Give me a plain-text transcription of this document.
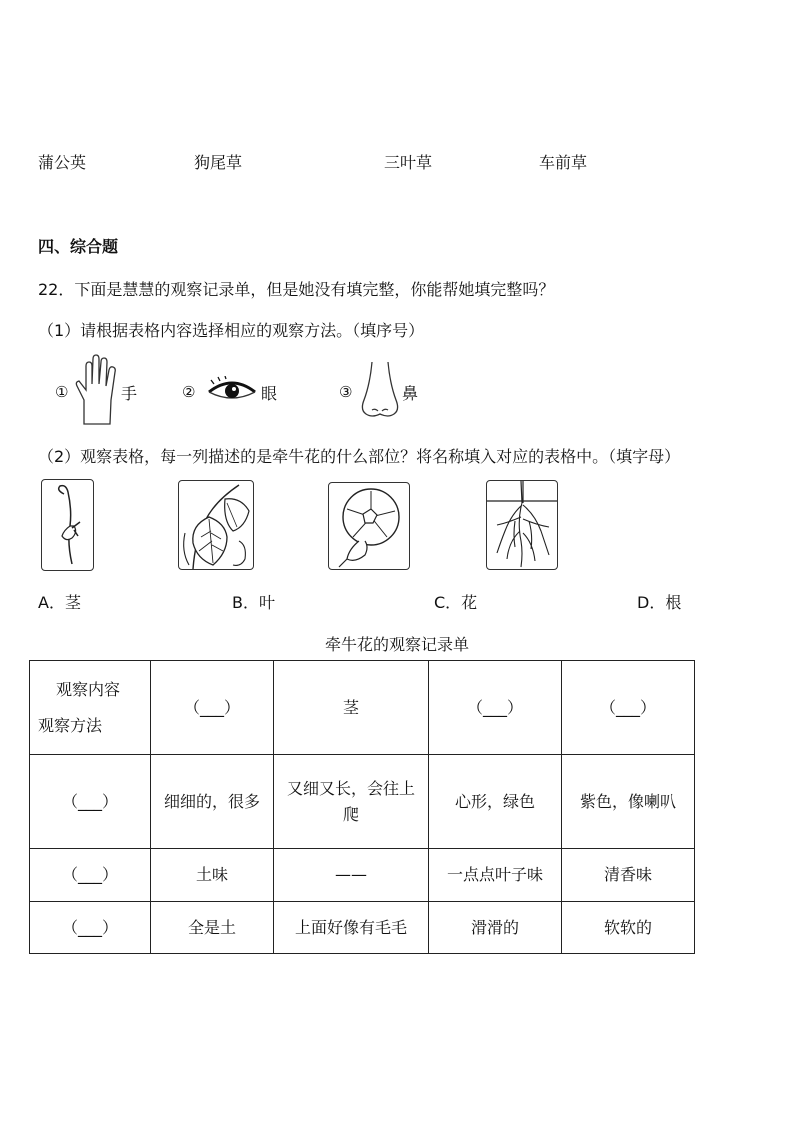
蒲公英	狗尾草	三叶草	车前草
四、综合题
22．下面是慧慧的观察记录单，但是她没有填完整，你能帮她填完整吗？
（1）请根据表格内容选择相应的观察方法。（填序号）
①	手	②	眼	③	鼻
（2）观察表格，每一列描述的是牵牛花的什么部位？将名称填入对应的表格中。（填字母）
A．茎	B．叶	C．花	D．根
牵牛花的观察记录单
观察内容
观察方法	（___）	茎	（___）	（___）
（___）	细细的，很多	又细又长，会往上爬	心形，绿色	紫色，像喇叭
（___）	土味	——	一点点叶子味	清香味
（___）	全是土	上面好像有毛毛	滑滑的	软软的
